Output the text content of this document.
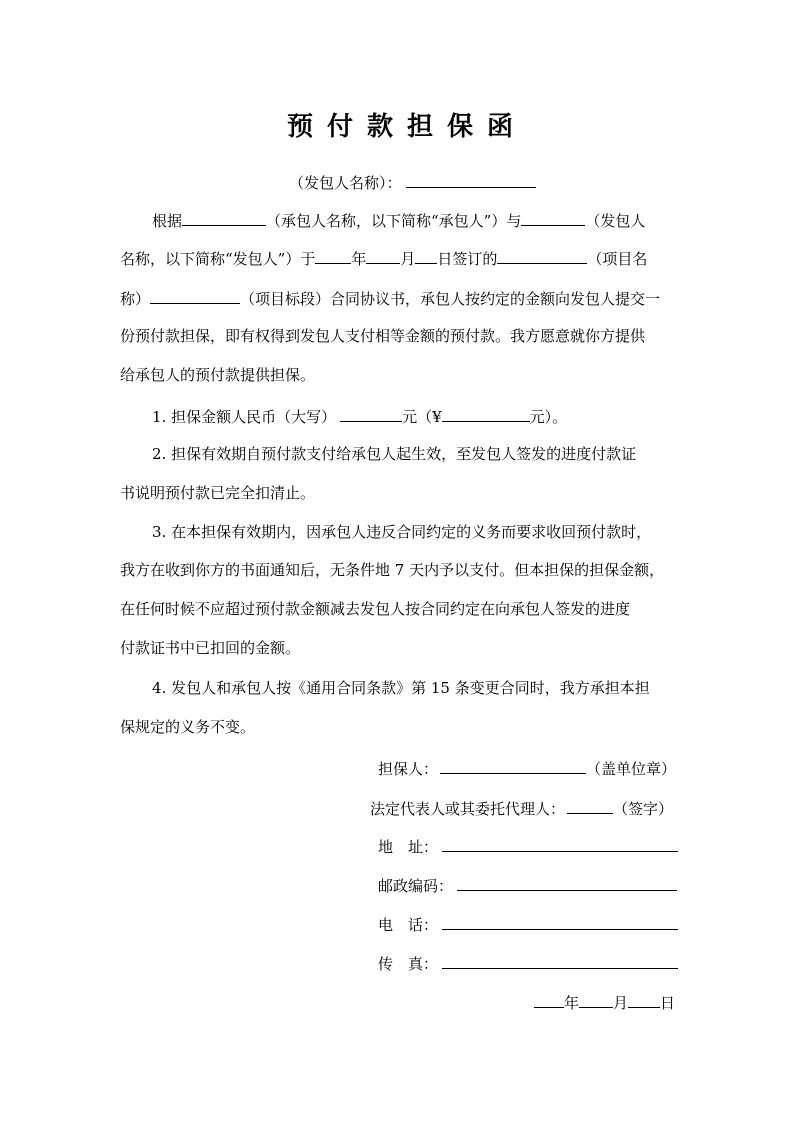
预付款担保函
（发包人名称）：
根据	（承包人名称，以下简称“承包人”）与	（发包人
名称，以下简称“发包人”）于 年 月 日签订的	（项目名
称）	（项目标段）合同协议书，承包人按约定的金额向发包人提交一
份预付款担保，即有权得到发包人支付相等金额的预付款。我方愿意就你方提供
给承包人的预付款提供担保。
1. 担保金额人民币（大写）	元（¥	元）。
2. 担保有效期自预付款支付给承包人起生效，至发包人签发的进度付款证
书说明预付款已完全扣清止。
3. 在本担保有效期内，因承包人违反合同约定的义务而要求收回预付款时，
我方在收到你方的书面通知后，无条件地 7 天内予以支付。但本担保的担保金额，
在任何时候不应超过预付款金额减去发包人按合同约定在向承包人签发的进度
付款证书中已扣回的金额。
4. 发包人和承包人按《通用合同条款》第 15 条变更合同时，我方承担本担
保规定的义务不变。
担保人：	（盖单位章）
法定代表人或其委托代理人：	（签字）
地　址：
邮政编码：
电　话：
传　真：
年 月 日
